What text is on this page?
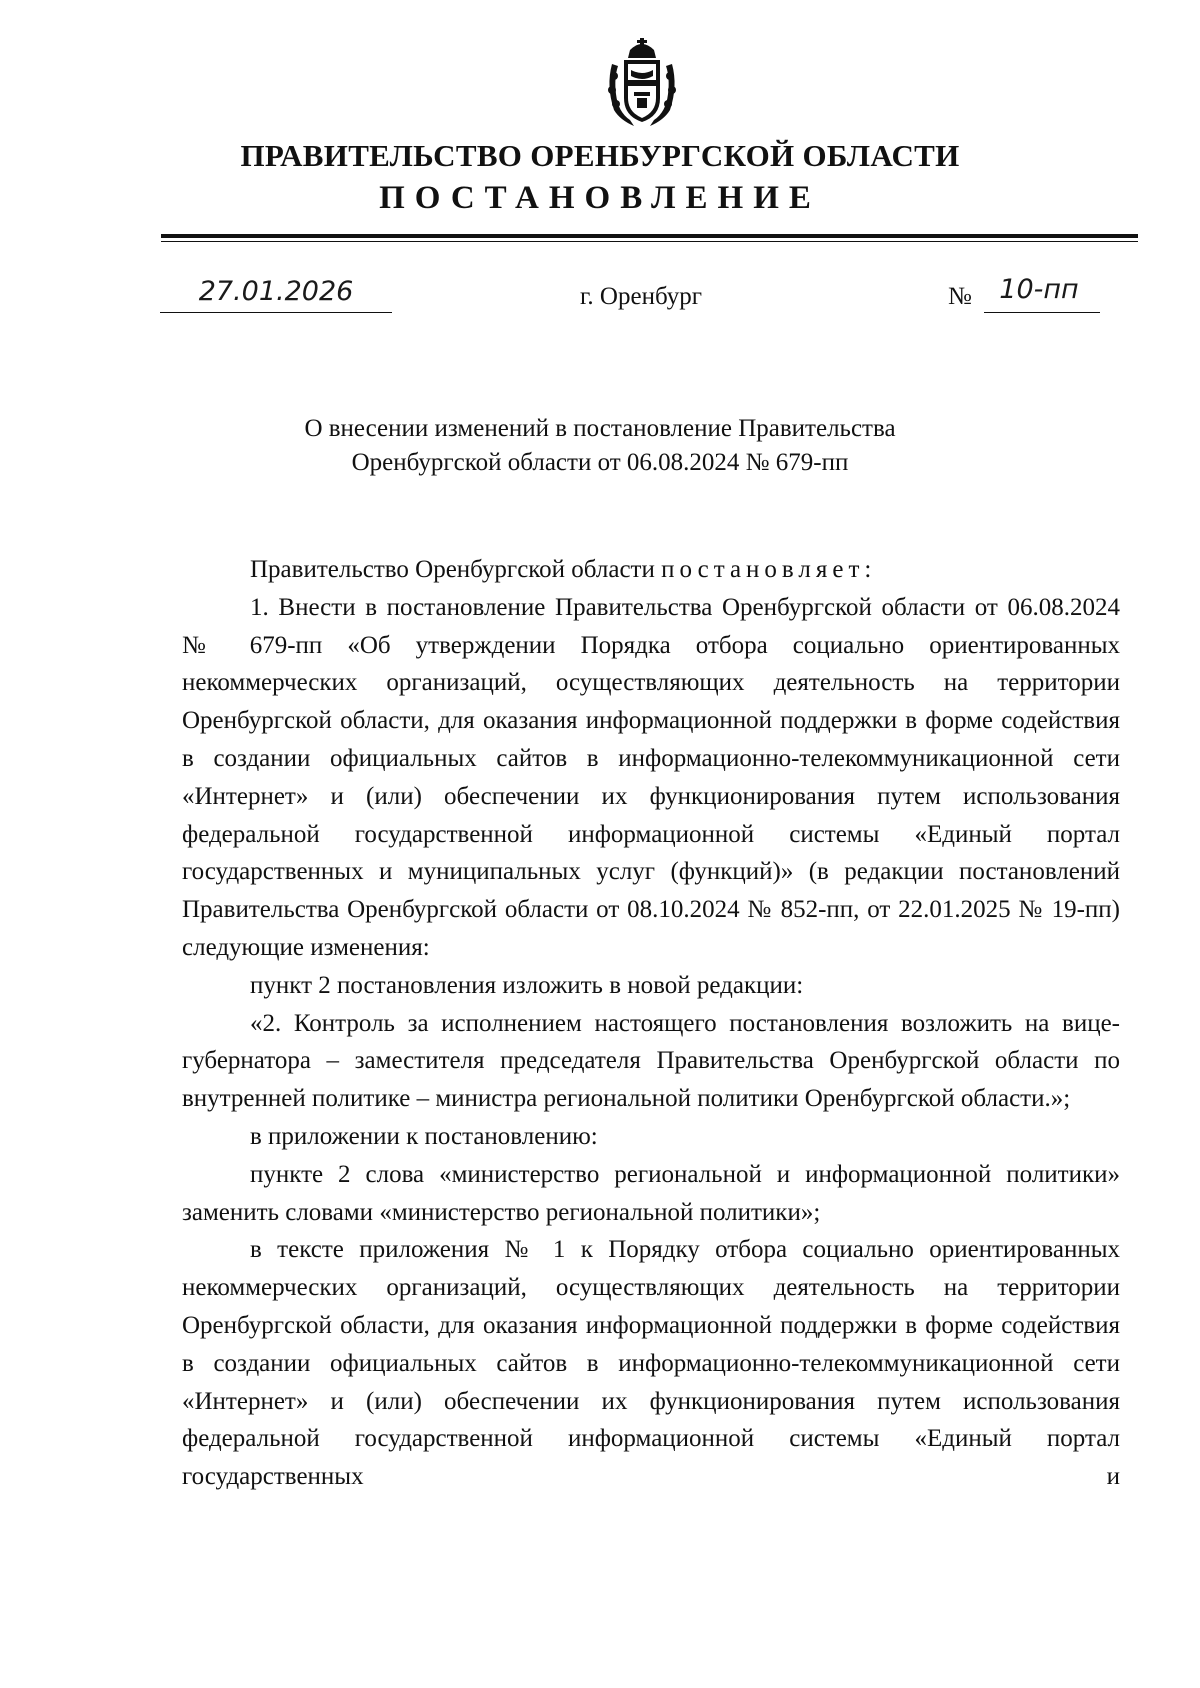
ПРАВИТЕЛЬСТВО ОРЕНБУРГСКОЙ ОБЛАСТИ
ПОСТАНОВЛЕНИЕ
27.01.2026	г. Оренбург	№	10-пп
О внесении изменений в постановление Правительства
Оренбургской области от 06.08.2024 № 679-пп

Правительство Оренбургской области постановляет:

1. Внести в постановление Правительства Оренбургской области от 06.08.2024 № 679-пп «Об утверждении Порядка отбора социально ориентированных некоммерческих организаций, осуществляющих деятельность на территории Оренбургской области, для оказания информационной поддержки в форме содействия в создании официальных сайтов в информационно-телекоммуникационной сети «Интернет» и (или) обеспечении их функционирования путем использования федеральной государственной информационной системы «Единый портал государственных и муниципальных услуг (функций)» (в редакции постановлений Правительства Оренбургской области от 08.10.2024 № 852-пп, от 22.01.2025 № 19-пп) следующие изменения:

пункт 2 постановления изложить в новой редакции:

«2. Контроль за исполнением настоящего постановления возложить на вице-губернатора – заместителя председателя Правительства Оренбургской области по внутренней политике – министра региональной политики Оренбургской области.»;

в приложении к постановлению:

пункте 2 слова «министерство региональной и информационной политики» заменить словами «министерство региональной политики»;

в тексте приложения № 1 к Порядку отбора социально ориентированных некоммерческих организаций, осуществляющих деятельность на территории Оренбургской области, для оказания информационной поддержки в форме содействия в создании официальных сайтов в информационно-телекоммуникационной сети «Интернет» и (или) обеспечении их функционирования путем использования федеральной государственной информационной системы «Единый портал государственных и
